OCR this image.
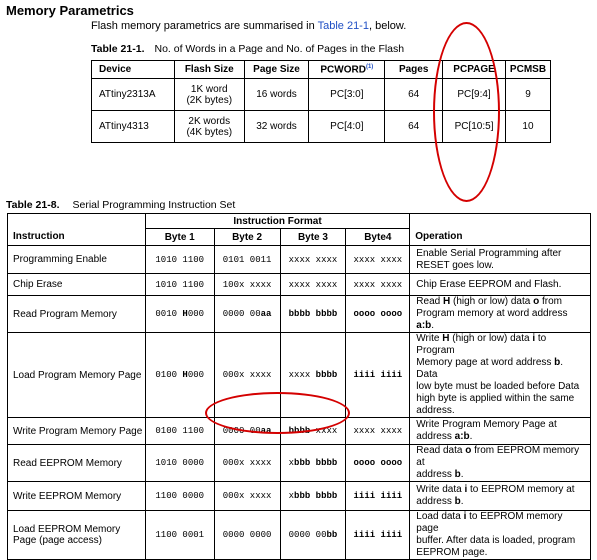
Memory Parametrics
Flash memory parametrics are summarised in Table 21-1, below.
Table 21-1. No. of Words in a Page and No. of Pages in the Flash
Device	Flash Size	Page Size	PCWORD$^{(1)}$	Pages	PCPAGE	PCMSB
ATtiny2313A	1K word
(2K bytes)	16 words	PC[3:0]	64	PC[9:4]	9
ATtiny4313	2K words
(4K bytes)	32 words	PC[4:0]	64	PC[10:5]	10
Table 21-8. Serial Programming Instruction Set
Instruction	Instruction Format				Operation
	Byte 1	Byte 2	Byte 3	Byte4	
Programming Enable	1010 1100	0101 0011	xxxx xxxx	xxxx xxxx	Enable Serial Programming after
RESET goes low.
Chip Erase	1010 1100	100x xxxx	xxxx xxxx	xxxx xxxx	Chip Erase EEPROM and Flash.
Read Program Memory	0010 H000	0000 00aa	bbbb bbbb	oooo oooo	Read H (high or low) data o from
Program memory at word address a:b.
Load Program Memory Page	0100 H000	000x xxxx	xxxx bbbb	iiii iiii	Write H (high or low) data i to Program
Memory page at word address b. Data
low byte must be loaded before Data
high byte is applied within the same
address.
Write Program Memory Page	0100 1100	0000 00aa	bbbb xxxx	xxxx xxxx	Write Program Memory Page at
address a:b.
Read EEPROM Memory	1010 0000	000x xxxx	xbbb bbbb	oooo oooo	Read data o from EEPROM memory at
address b.
Write EEPROM Memory	1100 0000	000x xxxx	xbbb bbbb	iiii iiii	Write data i to EEPROM memory at
address b.
Load EEPROM Memory
Page (page access)	1100 0001	0000 0000	0000 00bb	iiii iiii	Load data i to EEPROM memory page
buffer. After data is loaded, program
EEPROM page.
